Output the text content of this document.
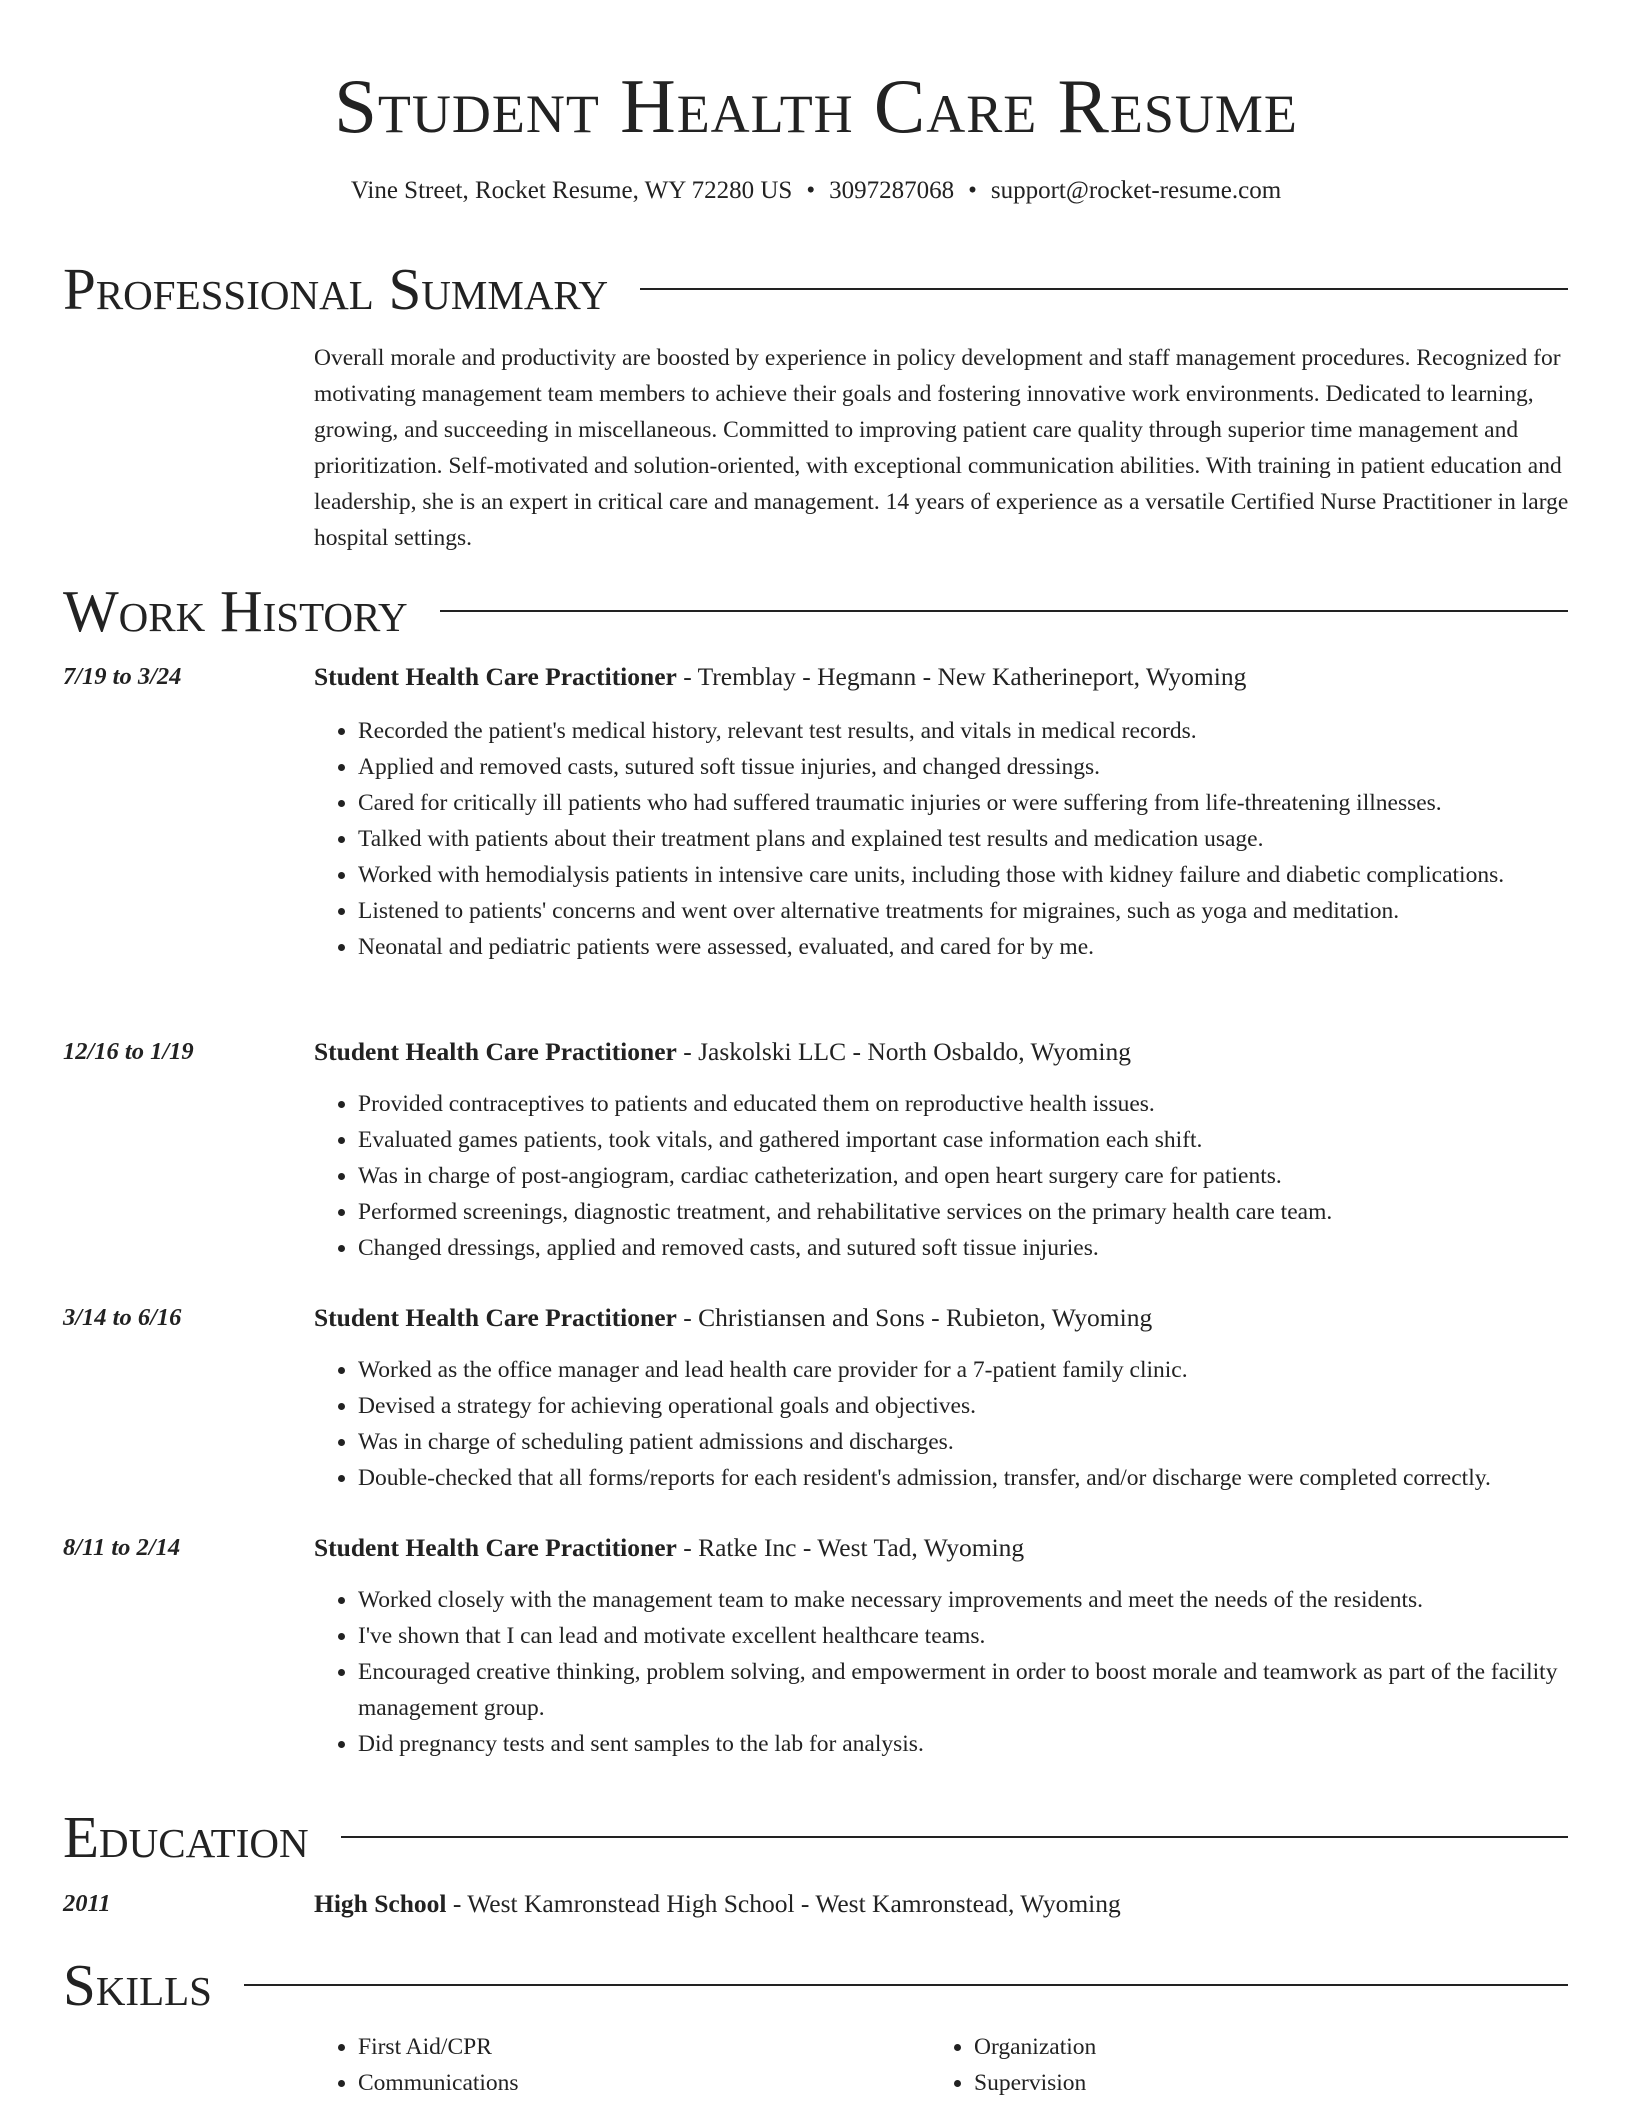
Student Health Care Resume
Vine Street, Rocket Resume, WY 72280 US • 3097287068 • support@rocket-resume.com
Professional Summary
Overall morale and productivity are boosted by experience in policy development and staff management procedures. Recognized for motivating management team members to achieve their goals and fostering innovative work environments. Dedicated to learning, growing, and succeeding in miscellaneous. Committed to improving patient care quality through superior time management and prioritization. Self-motivated and solution-oriented, with exceptional communication abilities. With training in patient education and leadership, she is an expert in critical care and management. 14 years of experience as a versatile Certified Nurse Practitioner in large hospital settings.
Work History
7/19 to 3/24	Student Health Care Practitioner - Tremblay - Hegmann - New Katherineport, Wyoming
• Recorded the patient's medical history, relevant test results, and vitals in medical records.
• Applied and removed casts, sutured soft tissue injuries, and changed dressings.
• Cared for critically ill patients who had suffered traumatic injuries or were suffering from life-threatening illnesses.
• Talked with patients about their treatment plans and explained test results and medication usage.
• Worked with hemodialysis patients in intensive care units, including those with kidney failure and diabetic complications.
• Listened to patients' concerns and went over alternative treatments for migraines, such as yoga and meditation.
• Neonatal and pediatric patients were assessed, evaluated, and cared for by me.
12/16 to 1/19	Student Health Care Practitioner - Jaskolski LLC - North Osbaldo, Wyoming
• Provided contraceptives to patients and educated them on reproductive health issues.
• Evaluated games patients, took vitals, and gathered important case information each shift.
• Was in charge of post-angiogram, cardiac catheterization, and open heart surgery care for patients.
• Performed screenings, diagnostic treatment, and rehabilitative services on the primary health care team.
• Changed dressings, applied and removed casts, and sutured soft tissue injuries.
3/14 to 6/16	Student Health Care Practitioner - Christiansen and Sons - Rubieton, Wyoming
• Worked as the office manager and lead health care provider for a 7-patient family clinic.
• Devised a strategy for achieving operational goals and objectives.
• Was in charge of scheduling patient admissions and discharges.
• Double-checked that all forms/reports for each resident's admission, transfer, and/or discharge were completed correctly.
8/11 to 2/14	Student Health Care Practitioner - Ratke Inc - West Tad, Wyoming
• Worked closely with the management team to make necessary improvements and meet the needs of the residents.
• I've shown that I can lead and motivate excellent healthcare teams.
• Encouraged creative thinking, problem solving, and empowerment in order to boost morale and teamwork as part of the facility management group.
• Did pregnancy tests and sent samples to the lab for analysis.
Education
2011	High School - West Kamronstead High School - West Kamronstead, Wyoming
Skills
• First Aid/CPR
• Communications
• Organization
• Supervision
